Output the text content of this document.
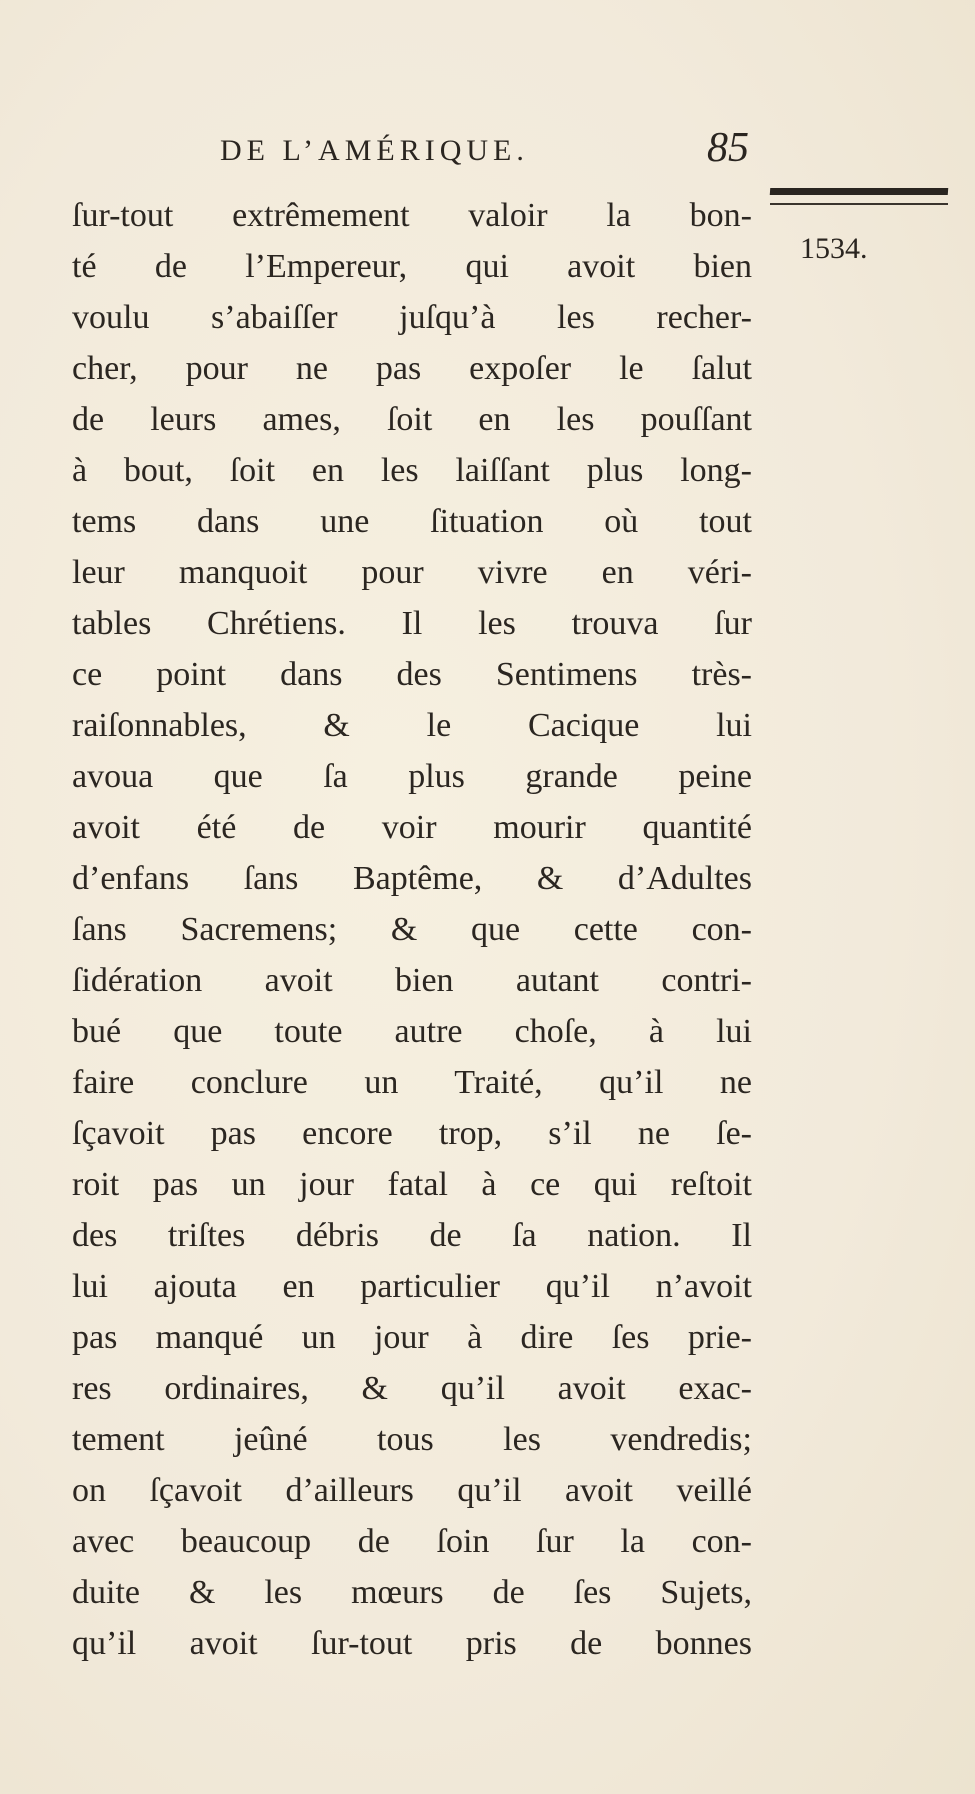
DE L’AMÉRIQUE.	85
1534.
ſur-tout extrêmement valoir la bon-
té de l’Empereur, qui avoit bien
voulu s’abaiſſer juſqu’à les recher-
cher, pour ne pas expoſer le ſalut
de leurs ames, ſoit en les pouſſant
à bout, ſoit en les laiſſant plus long-
tems dans une ſituation où tout
leur manquoit pour vivre en véri-
tables Chrétiens. Il les trouva ſur
ce point dans des Sentimens très-
raiſonnables, & le Cacique lui
avoua que ſa plus grande peine
avoit été de voir mourir quantité
d’enfans ſans Baptême, & d’Adultes
ſans Sacremens; & que cette con-
ſidération avoit bien autant contri-
bué que toute autre choſe, à lui
faire conclure un Traité, qu’il ne
ſçavoit pas encore trop, s’il ne ſe-
roit pas un jour fatal à ce qui reſtoit
des triſtes débris de ſa nation. Il
lui ajouta en particulier qu’il n’avoit
pas manqué un jour à dire ſes prie-
res ordinaires, & qu’il avoit exac-
tement jeûné tous les vendredis;
on ſçavoit d’ailleurs qu’il avoit veillé
avec beaucoup de ſoin ſur la con-
duite & les mœurs de ſes Sujets,
qu’il avoit ſur-tout pris de bonnes
